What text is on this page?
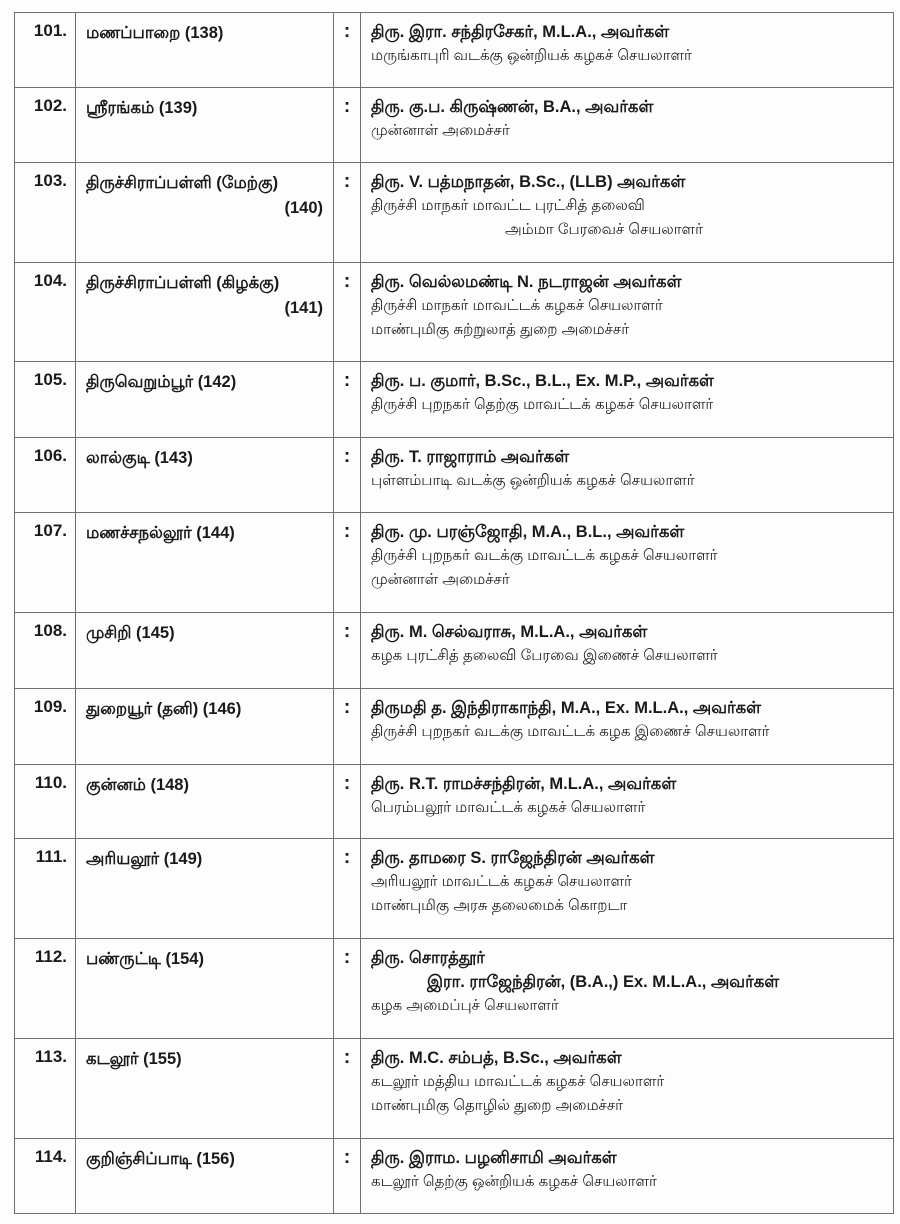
101.	மணப்பாறை (138)	:	திரு. இரா. சந்திரசேகர், M.L.A., அவர்கள்
மருங்காபுரி வடக்கு ஒன்றியக் கழகச் செயலாளர்

102.	ஸ்ரீரங்கம் (139)	:	திரு. கு.ப. கிருஷ்ணன், B.A., அவர்கள்
முன்னாள் அமைச்சர்

103.	திருச்சிராப்பள்ளி (மேற்கு)
(140)
	:	திரு. V. பத்மநாதன், B.Sc., (LLB) அவர்கள்
திருச்சி மாநகர் மாவட்ட புரட்சித் தலைவி
அம்மா பேரவைச் செயலாளர்

104.	திருச்சிராப்பள்ளி (கிழக்கு)
(141)
	:	திரு. வெல்லமண்டி N. நடராஜன் அவர்கள்
திருச்சி மாநகர் மாவட்டக் கழகச் செயலாளர்
மாண்புமிகு சுற்றுலாத் துறை அமைச்சர்

105.	திருவெறும்பூர் (142)	:	திரு. ப. குமார், B.Sc., B.L., Ex. M.P., அவர்கள்
திருச்சி புறநகர் தெற்கு மாவட்டக் கழகச் செயலாளர்

106.	லால்குடி (143)	:	திரு. T. ராஜாராம் அவர்கள்
புள்ளம்பாடி வடக்கு ஒன்றியக் கழகச் செயலாளர்

107.	மணச்சநல்லூர் (144)	:	திரு. மு. பரஞ்ஜோதி, M.A., B.L., அவர்கள்
திருச்சி புறநகர் வடக்கு மாவட்டக் கழகச் செயலாளர்
முன்னாள் அமைச்சர்

108.	முசிறி (145)	:	திரு. M. செல்வராசு, M.L.A., அவர்கள்
கழக புரட்சித் தலைவி பேரவை இணைச் செயலாளர்

109.	துறையூர் (தனி) (146)	:	திருமதி த. இந்திராகாந்தி, M.A., Ex. M.L.A., அவர்கள்
திருச்சி புறநகர் வடக்கு மாவட்டக் கழக இணைச் செயலாளர்

110.	குன்னம் (148)	:	திரு. R.T. ராமச்சந்திரன், M.L.A., அவர்கள்
பெரம்பலூர் மாவட்டக் கழகச் செயலாளர்

111.	அரியலூர் (149)	:	திரு. தாமரை S. ராஜேந்திரன் அவர்கள்
அரியலூர் மாவட்டக் கழகச் செயலாளர்
மாண்புமிகு அரசு தலைமைக் கொறடா

112.	பண்ருட்டி (154)	:	திரு. சொரத்தூர்
இரா. ராஜேந்திரன், (B.A.,) Ex. M.L.A., அவர்கள்
கழக அமைப்புச் செயலாளர்

113.	கடலூர் (155)	:	திரு. M.C. சம்பத், B.Sc., அவர்கள்
கடலூர் மத்திய மாவட்டக் கழகச் செயலாளர்
மாண்புமிகு தொழில் துறை அமைச்சர்

114.	குறிஞ்சிப்பாடி (156)	:	திரு. இராம. பழனிசாமி அவர்கள்
கடலூர் தெற்கு ஒன்றியக் கழகச் செயலாளர்
